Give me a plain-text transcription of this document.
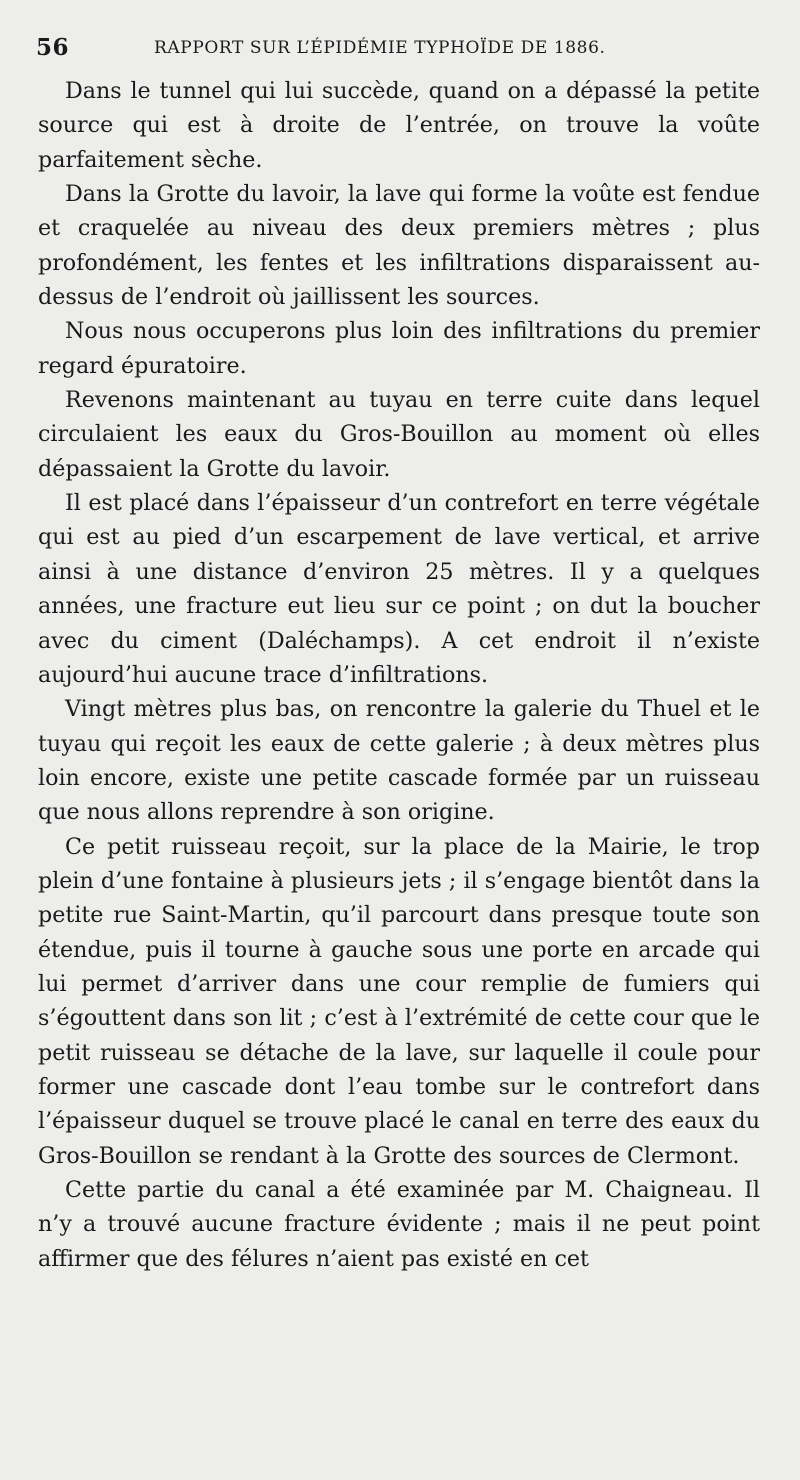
56	RAPPORT SUR L’ÉPIDÉMIE TYPHOÏDE DE 1886.

Dans le tunnel qui lui succède, quand on a dépassé la petite source qui est à droite de l’entrée, on trouve la voûte parfaitement sèche.

Dans la Grotte du lavoir, la lave qui forme la voûte est fendue et craquelée au niveau des deux premiers mètres ; plus profondément, les fentes et les infiltrations disparaissent au-dessus de l’endroit où jaillissent les sources.

Nous nous occuperons plus loin des infiltrations du premier regard épuratoire.

Revenons maintenant au tuyau en terre cuite dans lequel circulaient les eaux du Gros-Bouillon au moment où elles dépassaient la Grotte du lavoir.

Il est placé dans l’épaisseur d’un contrefort en terre végétale qui est au pied d’un escarpement de lave vertical, et arrive ainsi à une distance d’environ 25 mètres. Il y a quelques années, une fracture eut lieu sur ce point ; on dut la boucher avec du ciment (Daléchamps). A cet endroit il n’existe aujourd’hui aucune trace d’infiltrations.

Vingt mètres plus bas, on rencontre la galerie du Thuel et le tuyau qui reçoit les eaux de cette galerie ; à deux mètres plus loin encore, existe une petite cascade formée par un ruisseau que nous allons reprendre à son origine.

Ce petit ruisseau reçoit, sur la place de la Mairie, le trop plein d’une fontaine à plusieurs jets ; il s’engage bientôt dans la petite rue Saint-Martin, qu’il parcourt dans presque toute son étendue, puis il tourne à gauche sous une porte en arcade qui lui permet d’arriver dans une cour remplie de fumiers qui s’égouttent dans son lit ; c’est à l’extrémité de cette cour que le petit ruisseau se détache de la lave, sur laquelle il coule pour former une cascade dont l’eau tombe sur le contrefort dans l’épaisseur duquel se trouve placé le canal en terre des eaux du Gros-Bouillon se rendant à la Grotte des sources de Clermont.

Cette partie du canal a été examinée par M. Chaigneau. Il n’y a trouvé aucune fracture évidente ; mais il ne peut point affirmer que des félures n’aient pas existé en cet
